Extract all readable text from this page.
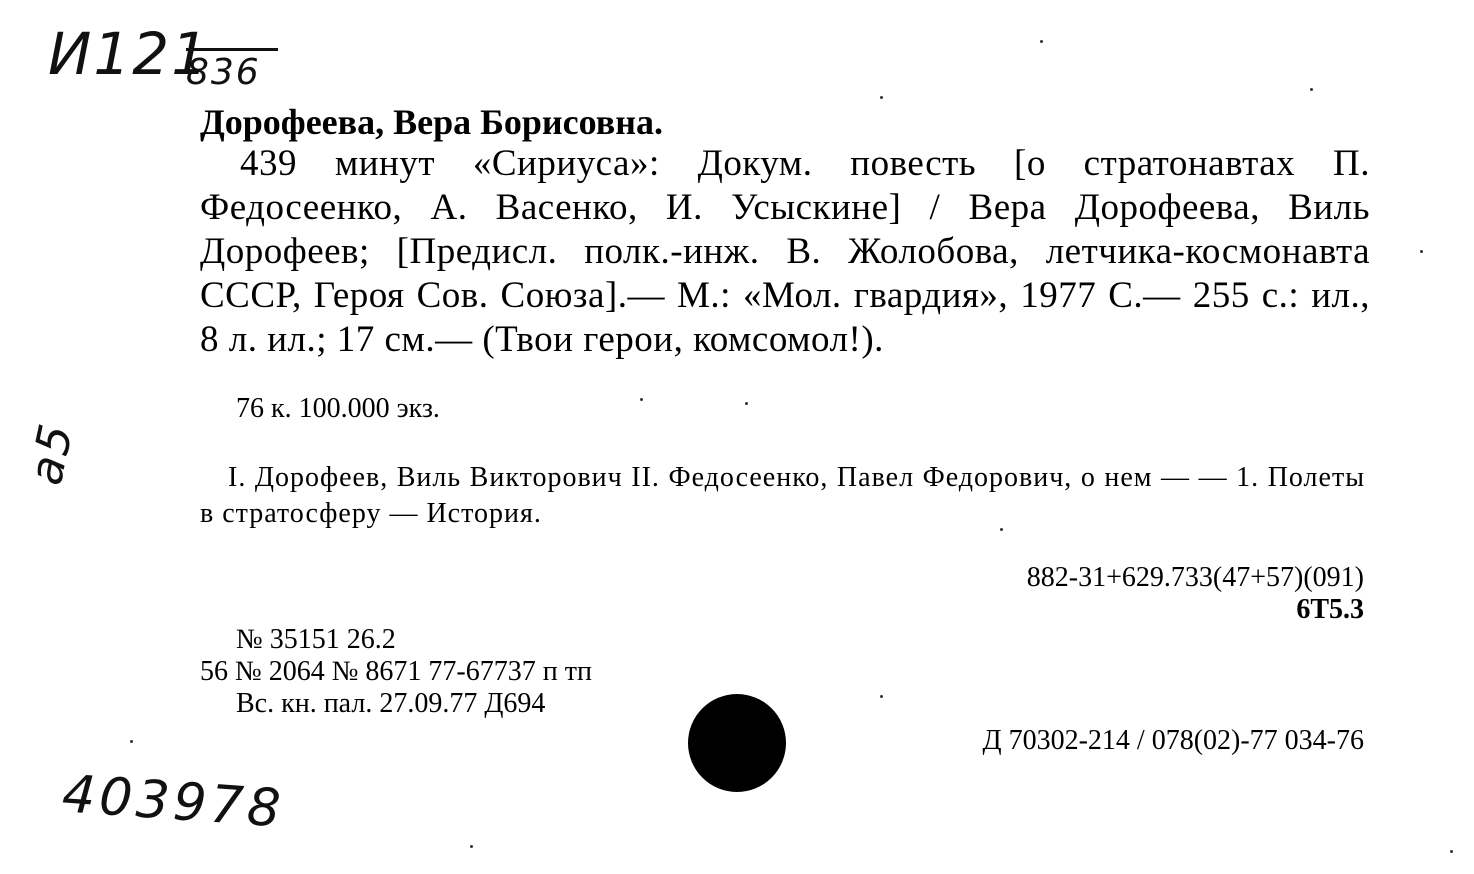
И121
836
а5
403978
Дорофеева, Вера Борисовна.
439 минут «Сириуса»: Докум. повесть [о стратонавтах П. Федосеенко, А. Васенко, И. Усыскине] / Вера Дорофеева, Виль Дорофеев; [Предисл. полк.-инж. В. Жолобова, летчика-космонавта СССР, Героя Сов. Союза].— М.: «Мол. гвардия», 1977 С.— 255 с.: ил., 8 л. ил.; 17 см.— (Твои герои, комсомол!).
76 к. 100.000 экз.
I. Дорофеев, Виль Викторович II. Федосеенко, Павел Федорович, о нем — — 1. Полеты в стратосферу — История.
882-31+629.733(47+57)(091)
6Т5.3
№ 35151 26.2
56 № 2064 № 8671 77-67737 п тп
Вс. кн. пал. 27.09.77 Д694
Д 70302-214 / 078(02)-77 034-76
